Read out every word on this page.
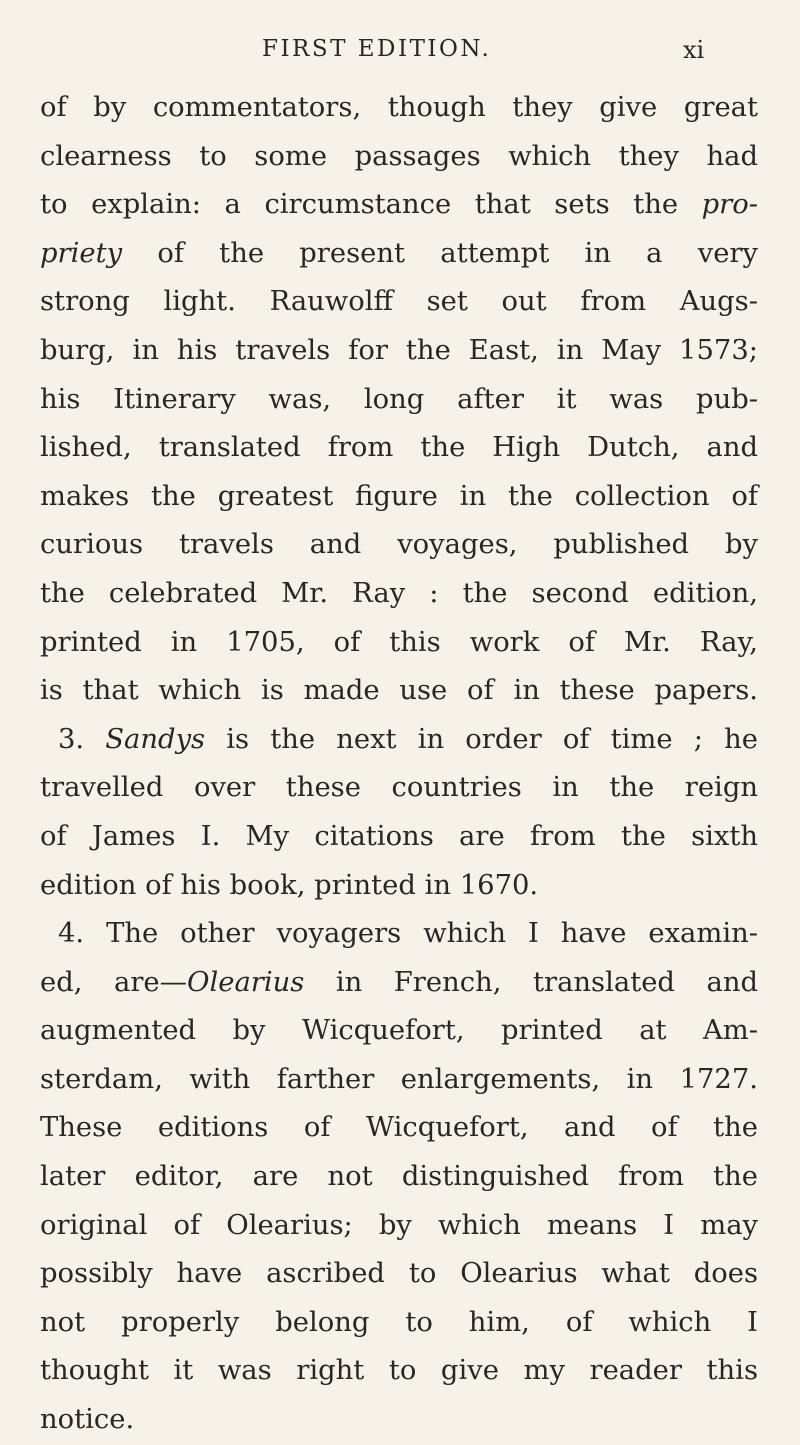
FIRST EDITION.	xi
of by commentators, though they give great
clearness to some passages which they had
to explain: a circumstance that sets the pro-
priety of the present attempt in a very
strong light. Rauwolff set out from Augs-
burg, in his travels for the East, in May 1573;
his Itinerary was, long after it was pub-
lished, translated from the High Dutch, and
makes the greatest figure in the collection of
curious travels and voyages, published by
the celebrated Mr. Ray : the second edition,
printed in 1705, of this work of Mr. Ray,
is that which is made use of in these papers.
3. Sandys is the next in order of time ; he
travelled over these countries in the reign
of James I. My citations are from the sixth
edition of his book, printed in 1670.
4. The other voyagers which I have examin-
ed, are—Olearius in French, translated and
augmented by Wicquefort, printed at Am-
sterdam, with farther enlargements, in 1727.
These editions of Wicquefort, and of the
later editor, are not distinguished from the
original of Olearius; by which means I may
possibly have ascribed to Olearius what does
not properly belong to him, of which I
thought it was right to give my reader this
notice.
